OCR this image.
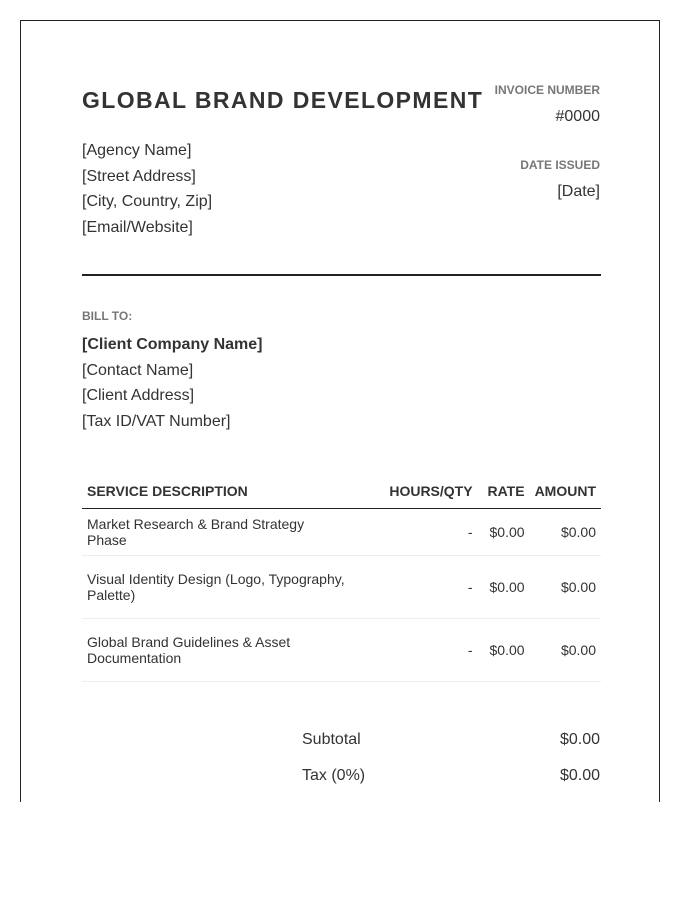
GLOBAL BRAND DEVELOPMENT
[Agency Name]
[Street Address]
[City, Country, Zip]
[Email/Website]
INVOICE NUMBER
#0000
DATE ISSUED
[Date]
BILL TO:
[Client Company Name]
[Contact Name]
[Client Address]
[Tax ID/VAT Number]
SERVICE DESCRIPTION	HOURS/QTY	RATE	AMOUNT
Market Research & Brand Strategy Phase	-	$0.00	$0.00
Visual Identity Design (Logo, Typography, Palette)	-	$0.00	$0.00
Global Brand Guidelines & Asset Documentation	-	$0.00	$0.00
Subtotal	$0.00
Tax (0%)	$0.00
